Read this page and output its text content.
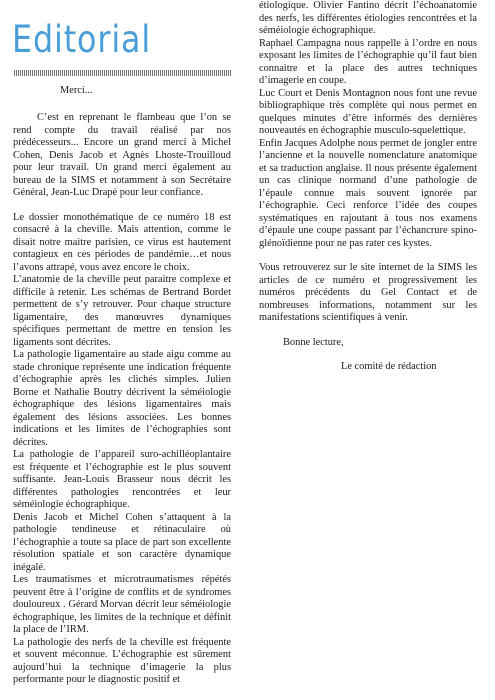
Editorial
Merci...

C’est en reprenant le flambeau que l’on se rend compte du travail réalisé par nos prédécesseurs... Encore un grand merci à Michel Cohen, Denis Jacob et Agnès Lhoste-Trouilloud pour leur travail. Un grand merci également au bureau de la SIMS et notamment à son Secrétaire Général, Jean-Luc Drapé pour leur confiance.

Le dossier monothématique de ce numéro 18 est consacré à la cheville. Mais attention, comme le disait notre maitre parisien, ce virus est hautement contagieux en ces périodes de pandémie…et nous l’avons attrapé, vous avez encore le choix.

L’anatomie de la cheville peut paraitre complexe et difficile à retenir. Les schémas de Bertrand Bordet permettent de s’y retrouver. Pour chaque structure ligamentaire, des manœuvres dynamiques spécifiques permettant de mettre en tension les ligaments sont décrites.

La pathologie ligamentaire au stade aigu comme au stade chronique représente une indication fréquente d’échographie après les clichés simples. Julien Borne et Nathalie Boutry décrivent la séméiologie échographique des lésions ligamentaires mais également des lésions associées. Les bonnes indications et les limites de l’échographies sont décrites.

La pathologie de l’appareil suro-achilléoplantaire est fréquente et l’échographie est le plus souvent suffisante. Jean-Louis Brasseur nous décrit les différentes pathologies rencontrées et leur séméiologie échographique.

Denis Jacob et Michel Cohen s’attaquent à la pathologie tendineuse et rétinaculaire où l’échographie a toute sa place de part son excellente résolution spatiale et son caractère dynamique inégalé.

Les traumatismes et microtraumatismes répétés peuvent être à l’origine de conflits et de syndromes douloureux . Gérard Morvan décrit leur séméiologie échographique, les limites de la technique et définit la place de l’IRM.

La pathologie des nerfs de la cheville est fréquente et souvent méconnue. L’échographie est sûrement aujourd’hui la technique d’imagerie la plus performante pour le diagnostic positif et

étiologique. Olivier Fantino décrit l’échoanatomie des nerfs, les différentes étiologies rencontrées et la séméiologie échographique.

Raphael Campagna nous rappelle à l’ordre en nous exposant les limites de l’échographie qu’il faut bien connaitre et la place des autres techniques d’imagerie en coupe.

Luc Court et Denis Montagnon nous font une revue bibliographique très complète qui nous permet en quelques minutes d’être informés des dernières nouveautés en échographie musculo-squelettique.

Enfin Jacques Adolphe nous permet de jongler entre l’ancienne et la nouvelle nomenclature anatomique et sa traduction anglaise. Il nous présente également un cas clinique normand d’une pathologie de l’épaule connue mais souvent ignorée par l’échographie. Ceci renforce l’idée des coupes systématiques en rajoutant à tous nos examens d’épaule une coupe passant par l’échancrure spino-glénoïdienne pour ne pas rater ces kystes.

Vous retrouverez sur le site internet de la SIMS les articles de ce numéro et progressivement les numéros précédents du Gel Contact et de nombreuses informations, notamment sur les manifestations scientifiques à venir.

Bonne lecture,

Le comité de rédaction
